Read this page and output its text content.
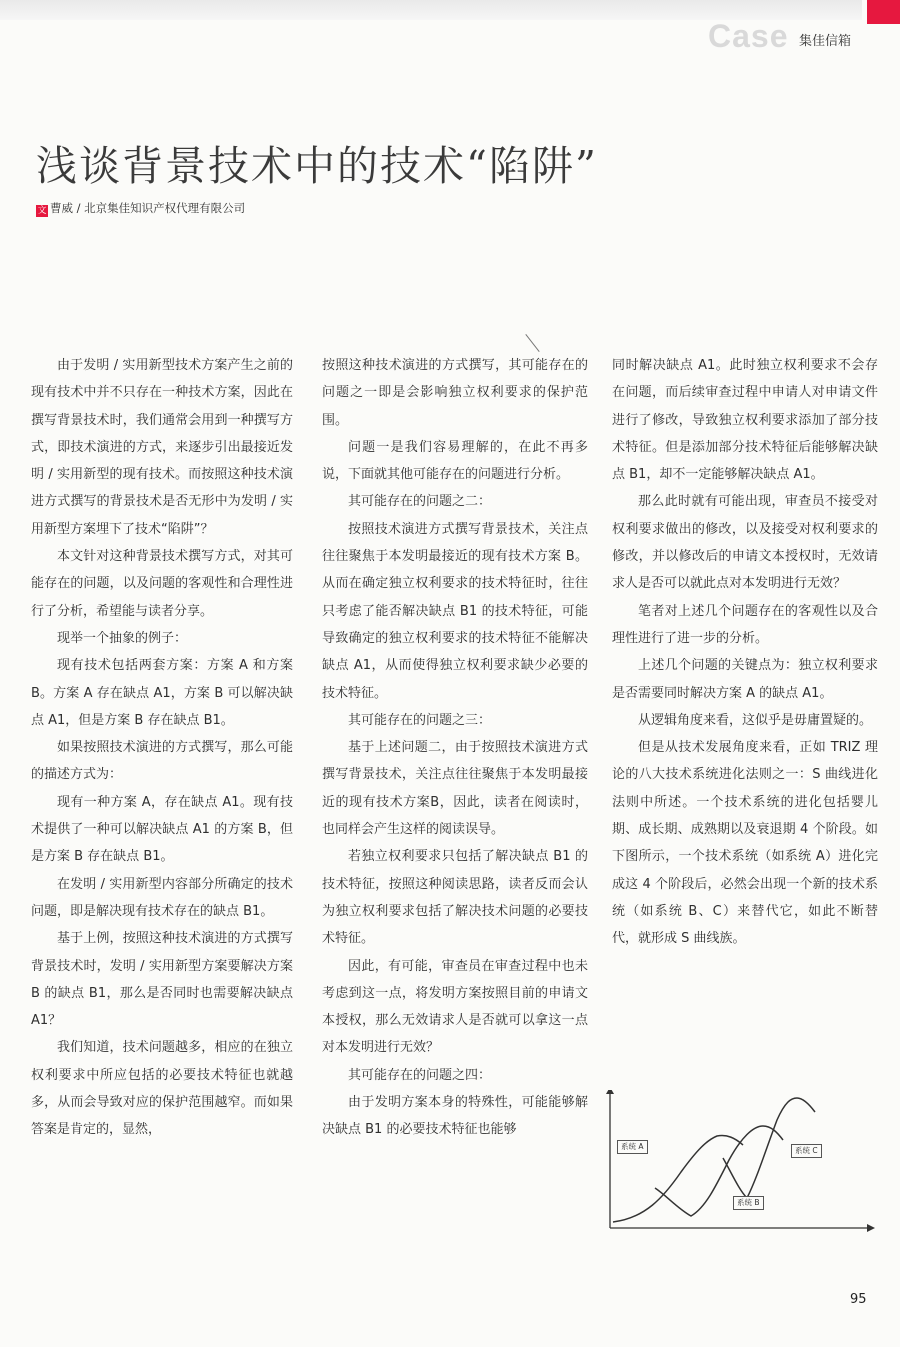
Case 集佳信箱
浅谈背景技术中的技术“陷阱”
文 曹威 / 北京集佳知识产权代理有限公司

由于发明 / 实用新型技术方案产生之前的现有技术中并不只存在一种技术方案，因此在撰写背景技术时，我们通常会用到一种撰写方式，即技术演进的方式，来逐步引出最接近发明 / 实用新型的现有技术。而按照这种技术演进方式撰写的背景技术是否无形中为发明 / 实用新型方案埋下了技术“陷阱”？

本文针对这种背景技术撰写方式，对其可能存在的问题，以及问题的客观性和合理性进行了分析，希望能与读者分享。

现举一个抽象的例子：

现有技术包括两套方案：方案 A 和方案 B。方案 A 存在缺点 A1，方案 B 可以解决缺点 A1，但是方案 B 存在缺点 B1。

如果按照技术演进的方式撰写，那么可能的描述方式为：

现有一种方案 A，存在缺点 A1。现有技术提供了一种可以解决缺点 A1 的方案 B，但是方案 B 存在缺点 B1。

在发明 / 实用新型内容部分所确定的技术问题，即是解决现有技术存在的缺点 B1。

基于上例，按照这种技术演进的方式撰写背景技术时，发明 / 实用新型方案要解决方案 B 的缺点 B1，那么是否同时也需要解决缺点 A1？

我们知道，技术问题越多，相应的在独立权利要求中所应包括的必要技术特征也就越多，从而会导致对应的保护范围越窄。而如果答案是肯定的，显然，

按照这种技术演进的方式撰写，其可能存在的问题之一即是会影响独立权利要求的保护范围。

问题一是我们容易理解的，在此不再多说，下面就其他可能存在的问题进行分析。

其可能存在的问题之二：

按照技术演进方式撰写背景技术，关注点往往聚焦于本发明最接近的现有技术方案 B。从而在确定独立权利要求的技术特征时，往往只考虑了能否解决缺点 B1 的技术特征，可能导致确定的独立权利要求的技术特征不能解决缺点 A1，从而使得独立权利要求缺少必要的技术特征。

其可能存在的问题之三：

基于上述问题二，由于按照技术演进方式撰写背景技术，关注点往往聚焦于本发明最接近的现有技术方案B，因此，读者在阅读时，也同样会产生这样的阅读误导。

若独立权利要求只包括了解决缺点 B1 的技术特征，按照这种阅读思路，读者反而会认为独立权利要求包括了解决技术问题的必要技术特征。

因此，有可能，审查员在审查过程中也未考虑到这一点，将发明方案按照目前的申请文本授权，那么无效请求人是否就可以拿这一点对本发明进行无效？

其可能存在的问题之四：

由于发明方案本身的特殊性，可能能够解决缺点 B1 的必要技术特征也能够

同时解决缺点 A1。此时独立权利要求不会存在问题，而后续审查过程中申请人对申请文件进行了修改，导致独立权利要求添加了部分技术特征。但是添加部分技术特征后能够解决缺点 B1，却不一定能够解决缺点 A1。

那么此时就有可能出现，审查员不接受对权利要求做出的修改，以及接受对权利要求的修改，并以修改后的申请文本授权时，无效请求人是否可以就此点对本发明进行无效？

笔者对上述几个问题存在的客观性以及合理性进行了进一步的分析。

上述几个问题的关键点为：独立权利要求是否需要同时解决方案 A 的缺点 A1。

从逻辑角度来看，这似乎是毋庸置疑的。

但是从技术发展角度来看，正如 TRIZ 理论的八大技术系统进化法则之一：S 曲线进化法则中所述。一个技术系统的进化包括婴儿期、成长期、成熟期以及衰退期 4 个阶段。如下图所示，一个技术系统（如系统 A）进化完成这 4 个阶段后，必然会出现一个新的技术系统（如系统 B、C）来替代它，如此不断替代，就形成 S 曲线族。

系统 A
系统 B
系统 C
95
